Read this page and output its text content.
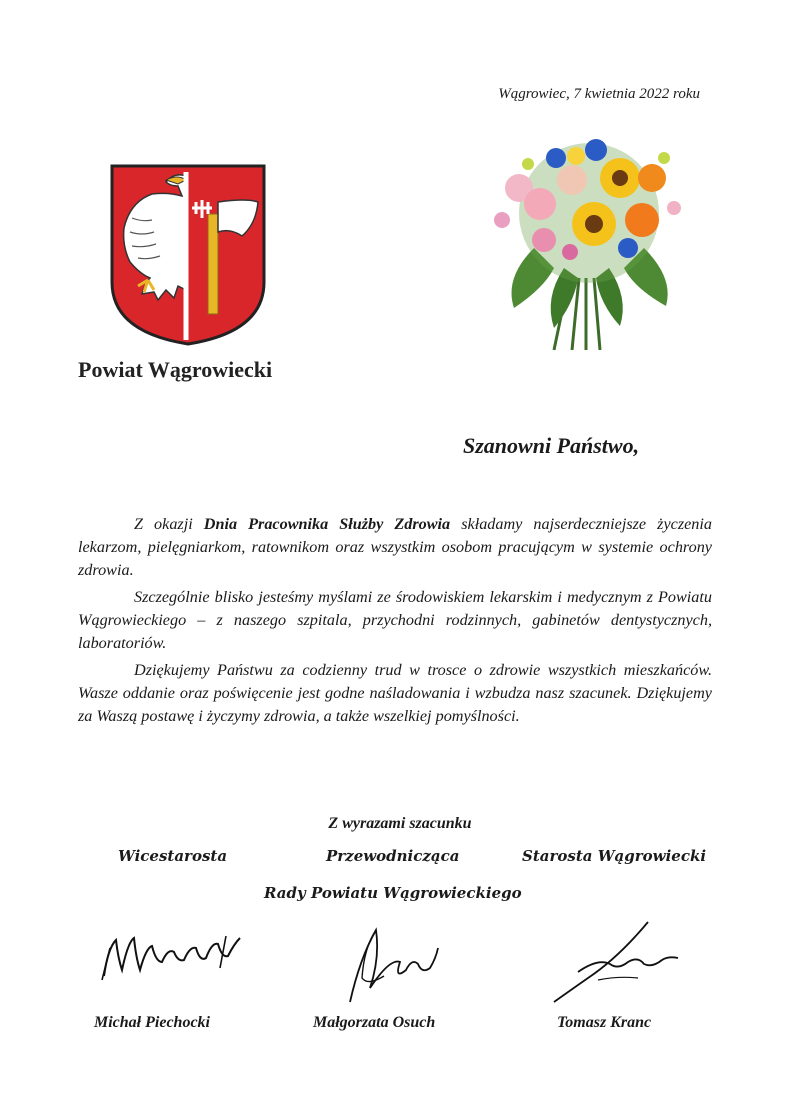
Wągrowiec, 7 kwietnia 2022 roku
Powiat Wągrowiecki
Szanowni Państwo,

Z okazji Dnia Pracownika Służby Zdrowia składamy najserdeczniejsze życzenia lekarzom, pielęgniarkom, ratownikom oraz wszystkim osobom pracującym w systemie ochrony zdrowia.

Szczególnie blisko jesteśmy myślami ze środowiskiem lekarskim i medycznym z Powiatu Wągrowieckiego – z naszego szpitala, przychodni rodzinnych, gabinetów dentystycznych, laboratoriów.

Dziękujemy Państwu za codzienny trud w trosce o zdrowie wszystkich mieszkańców. Wasze oddanie oraz poświęcenie jest godne naśladowania i wzbudza nasz szacunek. Dziękujemy za Waszą postawę i życzymy zdrowia, a także wszelkiej pomyślności.

Z wyrazami szacunku
Wicestarosta	Przewodnicząca	Starosta Wągrowiecki
Rady Powiatu Wągrowieckiego
Michał Piechocki	Małgorzata Osuch	Tomasz Kranc
